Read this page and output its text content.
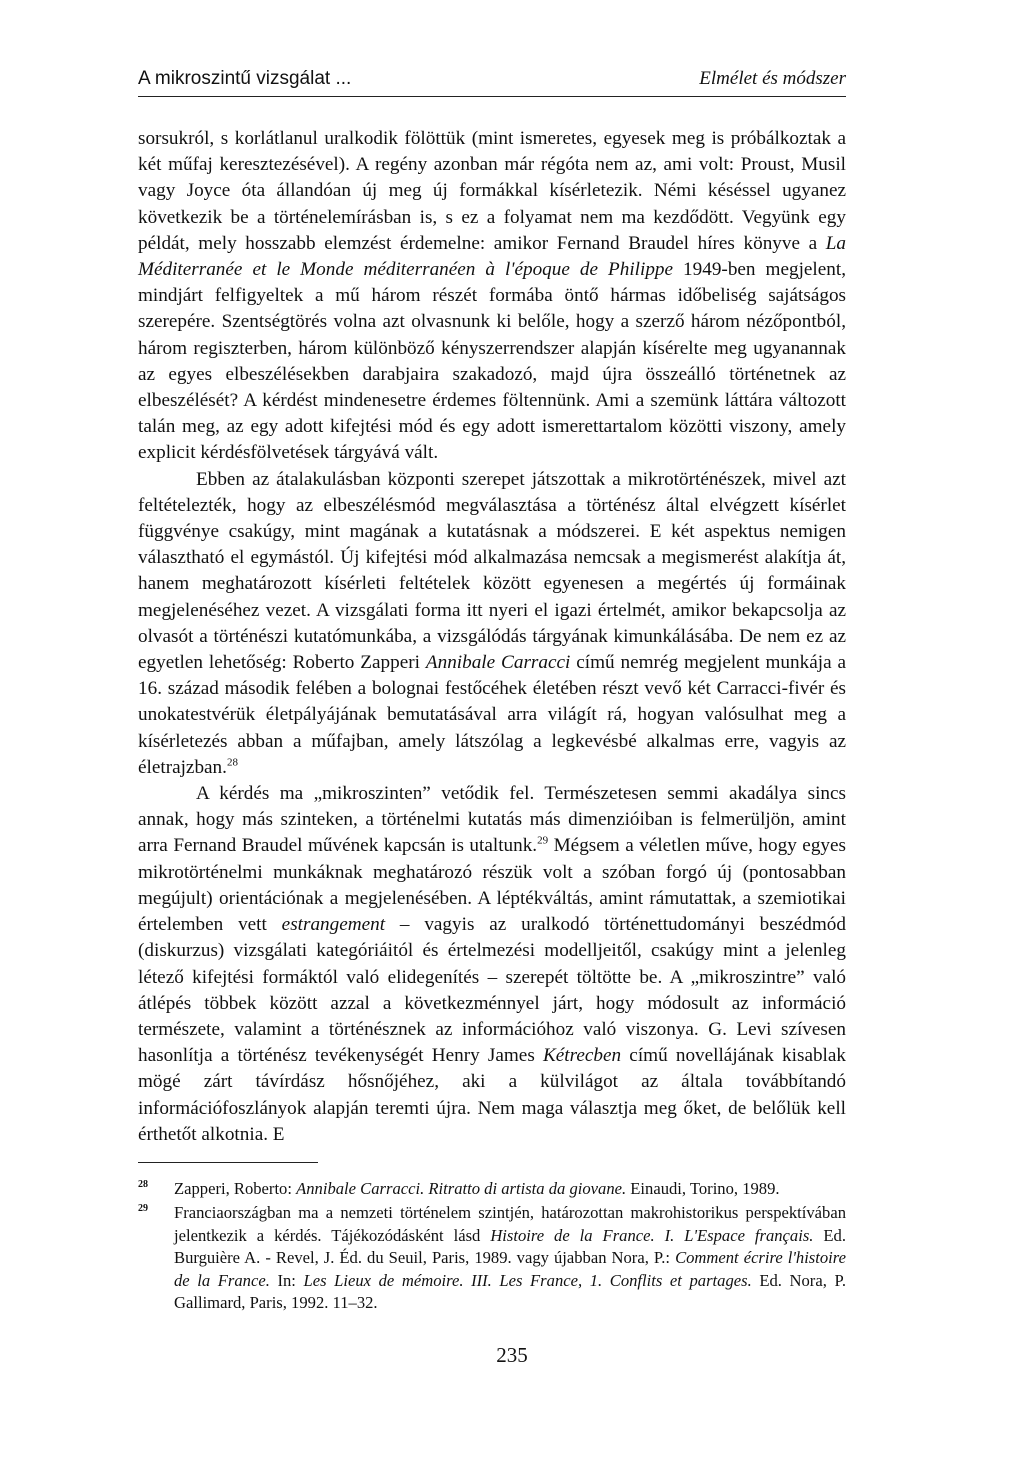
A mikroszintű vizsgálat ...	Elmélet és módszer

sorsukról, s korlátlanul uralkodik fölöttük (mint ismeretes, egyesek meg is próbálkoztak a két műfaj keresztezésével). A regény azonban már régóta nem az, ami volt: Proust, Musil vagy Joyce óta állandóan új meg új formákkal kísérletezik. Némi késéssel ugyanez következik be a történelemírásban is, s ez a folyamat nem ma kezdődött. Vegyünk egy példát, mely hosszabb elemzést érdemelne: amikor Fernand Braudel híres könyve a La Méditerranée et le Monde méditerranéen à l'époque de Philippe 1949-ben megjelent, mindjárt felfigyeltek a mű három részét formába öntő hármas időbeliség sajátságos szerepére. Szentségtörés volna azt olvasnunk ki belőle, hogy a szerző három nézőpontból, három regiszterben, három különböző kényszerrendszer alapján kísérelte meg ugyanannak az egyes elbeszélésekben darabjaira szakadozó, majd újra összeálló történetnek az elbeszélését? A kérdést mindenesetre érdemes föltennünk. Ami a szemünk láttára változott talán meg, az egy adott kifejtési mód és egy adott ismerettartalom közötti viszony, amely explicit kérdésfölvetések tárgyává vált.

Ebben az átalakulásban központi szerepet játszottak a mikrotörténészek, mivel azt feltételezték, hogy az elbeszélésmód megválasztása a történész által elvégzett kísérlet függvénye csakúgy, mint magának a kutatásnak a módszerei. E két aspektus nemigen választható el egymástól. Új kifejtési mód alkalmazása nemcsak a megismerést alakítja át, hanem meghatározott kísérleti feltételek között egyenesen a megértés új formáinak megjelenéséhez vezet. A vizsgálati forma itt nyeri el igazi értelmét, amikor bekapcsolja az olvasót a történészi kutatómunkába, a vizsgálódás tárgyának kimunkálásába. De nem ez az egyetlen lehetőség: Roberto Zapperi Annibale Carracci című nemrég megjelent munkája a 16. század második felében a bolognai festőcéhek életében részt vevő két Carracci-fivér és unokatestvérük életpályájának bemutatásával arra világít rá, hogyan valósulhat meg a kísérletezés abban a műfajban, amely látszólag a legkevésbé alkalmas erre, vagyis az életrajzban.$^{28}$

A kérdés ma „mikroszinten” vetődik fel. Természetesen semmi akadálya sincs annak, hogy más szinteken, a történelmi kutatás más dimenzióiban is felmerüljön, amint arra Fernand Braudel művének kapcsán is utaltunk.$^{29}$ Mégsem a véletlen műve, hogy egyes mikrotörténelmi munkáknak meghatározó részük volt a szóban forgó új (pontosabban megújult) orientációnak a megjelenésében. A léptékváltás, amint rámutattak, a szemiotikai értelemben vett estrangement – vagyis az uralkodó történettudományi beszédmód (diskurzus) vizsgálati kategóriáitól és értelmezési modelljeitől, csakúgy mint a jelenleg létező kifejtési formáktól való elidegenítés – szerepét töltötte be. A „mikroszintre” való átlépés többek között azzal a következménnyel járt, hogy módosult az információ természete, valamint a történésznek az információhoz való viszonya. G. Levi szívesen hasonlítja a történész tevékenységét Henry James Kétrecben című novellájának kisablak mögé zárt távírdász hősnőjéhez, aki a külvilágot az általa továbbítandó információfoszlányok alapján teremti újra. Nem maga választja meg őket, de belőlük kell érthetőt alkotnia. E

28	Zapperi, Roberto: Annibale Carracci. Ritratto di artista da giovane. Einaudi, Torino, 1989.
29	Franciaországban ma a nemzeti történelem szintjén, határozottan makrohistorikus perspektívában jelentkezik a kérdés. Tájékozódásként lásd Histoire de la France. I. L'Espace français. Ed. Burguière A. - Revel, J. Éd. du Seuil, Paris, 1989. vagy újabban Nora, P.: Comment écrire l'histoire de la France. In: Les Lieux de mémoire. III. Les France, 1. Conflits et partages. Ed. Nora, P. Gallimard, Paris, 1992. 11–32.
235
